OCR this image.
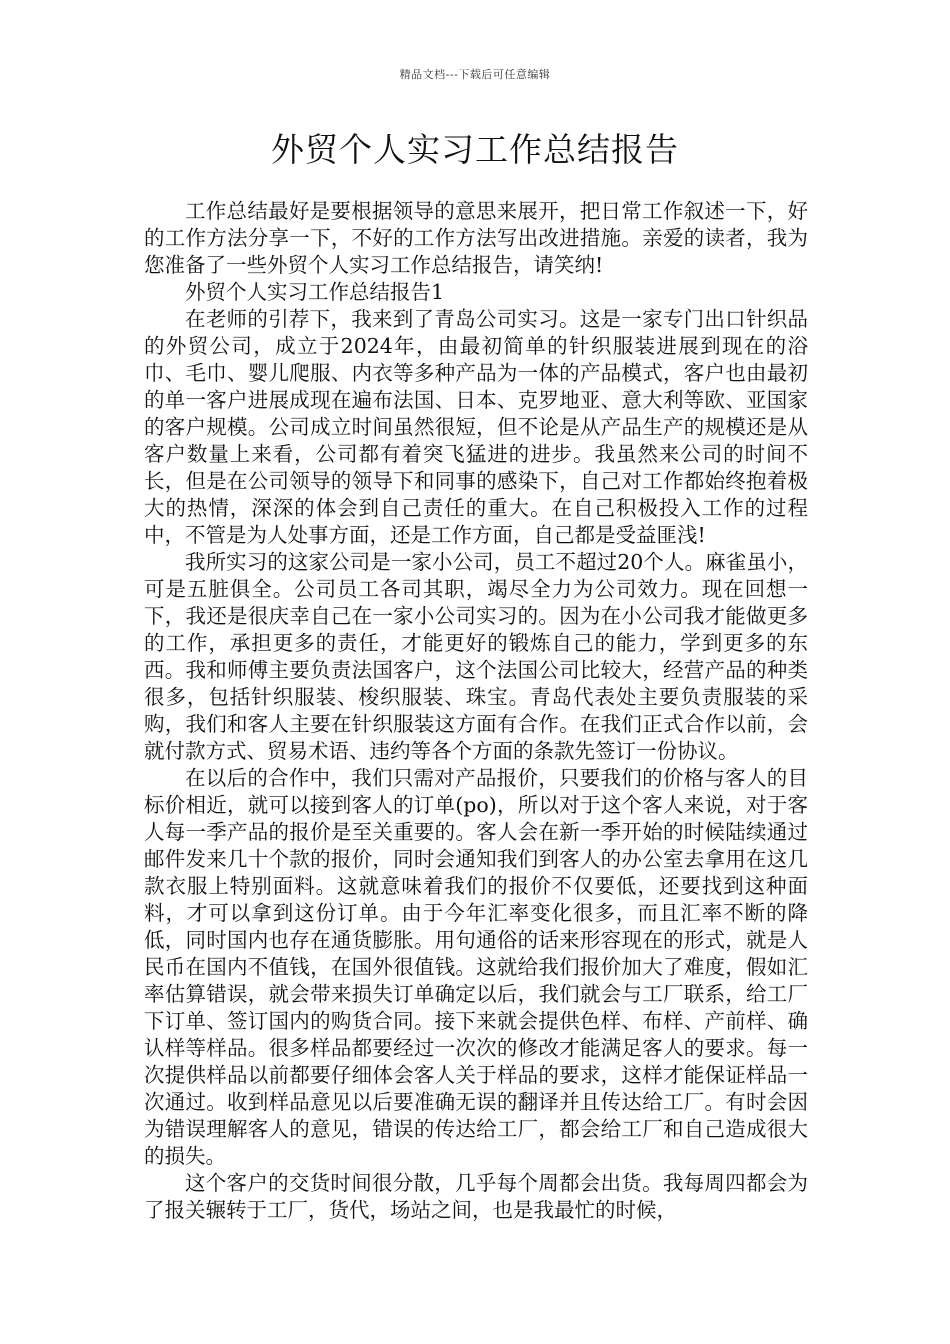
精品文档---下载后可任意编辑
外贸个人实习工作总结报告

工作总结最好是要根据领导的意思来展开，把日常工作叙述一下，好的工作方法分享一下，不好的工作方法写出改进措施。亲爱的读者，我为您准备了一些外贸个人实习工作总结报告，请笑纳!

外贸个人实习工作总结报告1

在老师的引荐下，我来到了青岛公司实习。这是一家专门出口针织品的外贸公司，成立于2024年，由最初简单的针织服装进展到现在的浴巾、毛巾、婴儿爬服、内衣等多种产品为一体的产品模式，客户也由最初的单一客户进展成现在遍布法国、日本、克罗地亚、意大利等欧、亚国家的客户规模。公司成立时间虽然很短，但不论是从产品生产的规模还是从客户数量上来看，公司都有着突飞猛进的进步。我虽然来公司的时间不长，但是在公司领导的领导下和同事的感染下，自己对工作都始终抱着极大的热情，深深的体会到自己责任的重大。在自己积极投入工作的过程中，不管是为人处事方面，还是工作方面，自己都是受益匪浅!

我所实习的这家公司是一家小公司，员工不超过20个人。麻雀虽小，可是五脏俱全。公司员工各司其职，竭尽全力为公司效力。现在回想一下，我还是很庆幸自己在一家小公司实习的。因为在小公司我才能做更多的工作，承担更多的责任，才能更好的锻炼自己的能力，学到更多的东西。我和师傅主要负责法国客户，这个法国公司比较大，经营产品的种类很多，包括针织服装、梭织服装、珠宝。青岛代表处主要负责服装的采购，我们和客人主要在针织服装这方面有合作。在我们正式合作以前，会就付款方式、贸易术语、违约等各个方面的条款先签订一份协议。

在以后的合作中，我们只需对产品报价，只要我们的价格与客人的目标价相近，就可以接到客人的订单(po)，所以对于这个客人来说，对于客人每一季产品的报价是至关重要的。客人会在新一季开始的时候陆续通过邮件发来几十个款的报价，同时会通知我们到客人的办公室去拿用在这几款衣服上特别面料。这就意味着我们的报价不仅要低，还要找到这种面料，才可以拿到这份订单。由于今年汇率变化很多，而且汇率不断的降低，同时国内也存在通货膨胀。用句通俗的话来形容现在的形式，就是人民币在国内不值钱，在国外很值钱。这就给我们报价加大了难度，假如汇率估算错误，就会带来损失订单确定以后，我们就会与工厂联系，给工厂下订单、签订国内的购货合同。接下来就会提供色样、布样、产前样、确认样等样品。很多样品都要经过一次次的修改才能满足客人的要求。每一次提供样品以前都要仔细体会客人关于样品的要求，这样才能保证样品一次通过。收到样品意见以后要准确无误的翻译并且传达给工厂。有时会因为错误理解客人的意见，错误的传达给工厂，都会给工厂和自己造成很大的损失。

这个客户的交货时间很分散，几乎每个周都会出货。我每周四都会为了报关辗转于工厂，货代，场站之间，也是我最忙的时候，
